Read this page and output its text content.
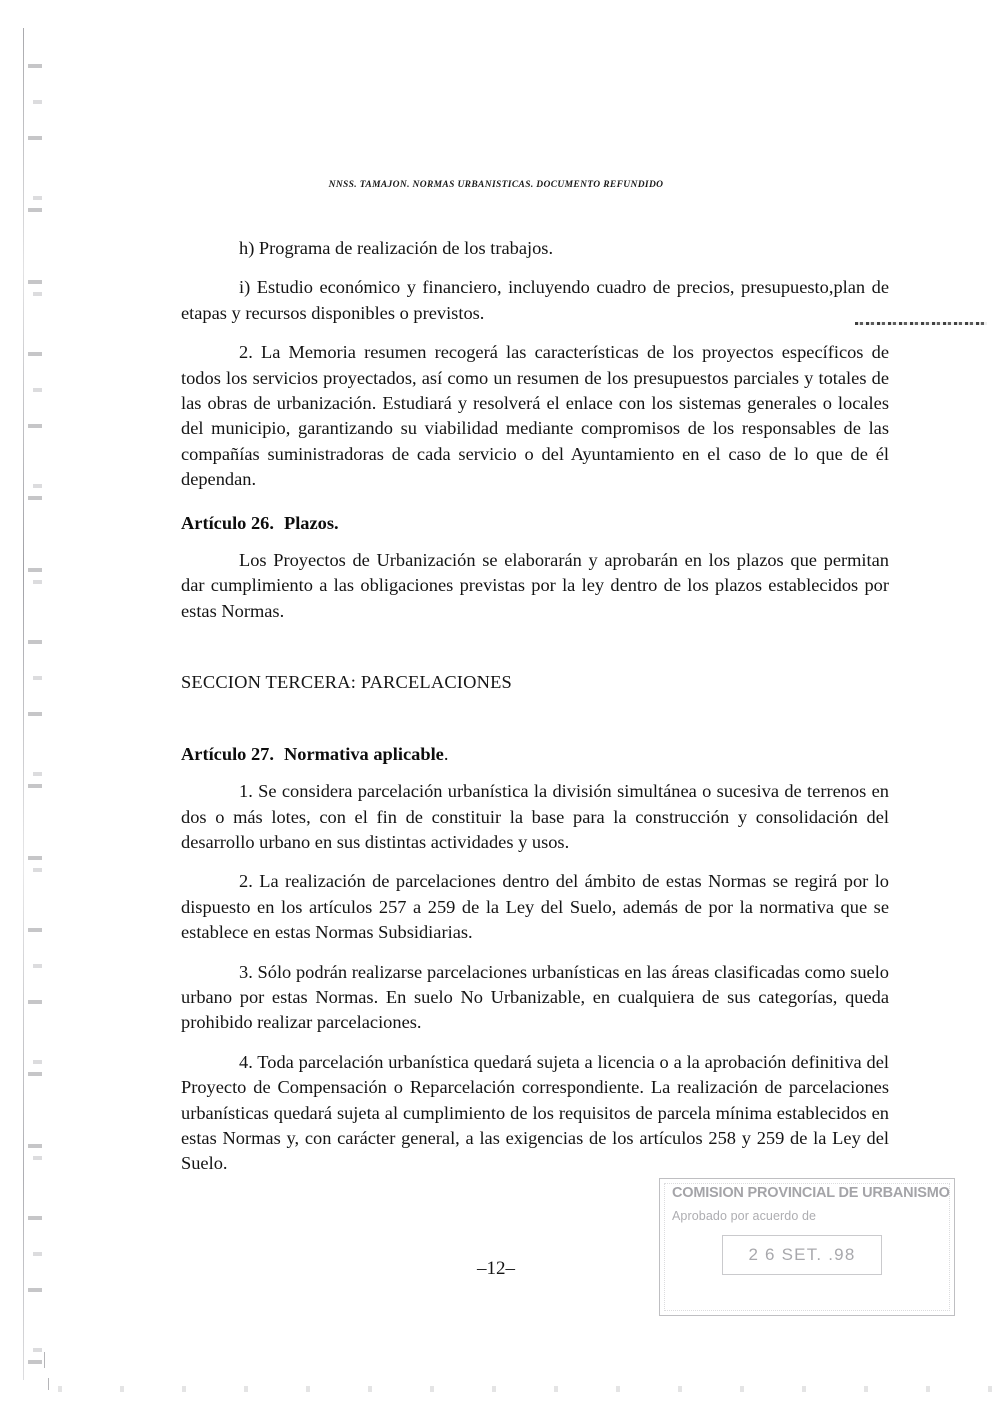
NNSS. TAMAJON. NORMAS URBANISTICAS. DOCUMENTO REFUNDIDO

h) Programa de realización de los trabajos.

i) Estudio económico y financiero, incluyendo cuadro de precios, presupuesto,plan de etapas y recursos disponibles o previstos.

2. La Memoria resumen recogerá las características de los proyectos específicos de todos los servicios proyectados, así como un resumen de los presupuestos parciales y totales de las obras de urbanización. Estudiará y resolverá el enlace con los sistemas generales o locales del municipio, garantizando su viabilidad mediante compromisos de los responsables de las compañías suministradoras de cada servicio o del Ayuntamiento en el caso de lo que de él dependan.

Artículo 26. Plazos.

Los Proyectos de Urbanización se elaborarán y aprobarán en los plazos que permitan dar cumplimiento a las obligaciones previstas por la ley dentro de los plazos establecidos por estas Normas.

SECCION TERCERA: PARCELACIONES
Artículo 27. Normativa aplicable.

1. Se considera parcelación urbanística la división simultánea o sucesiva de terrenos en dos o más lotes, con el fin de constituir la base para la construcción y consolidación del desarrollo urbano en sus distintas actividades y usos.

2. La realización de parcelaciones dentro del ámbito de estas Normas se regirá por lo dispuesto en los artículos 257 a 259 de la Ley del Suelo, además de por la normativa que se establece en estas Normas Subsidiarias.

3. Sólo podrán realizarse parcelaciones urbanísticas en las áreas clasificadas como suelo urbano por estas Normas. En suelo No Urbanizable, en cualquiera de sus categorías, queda prohibido realizar parcelaciones.

4. Toda parcelación urbanística quedará sujeta a licencia o a la aprobación definitiva del Proyecto de Compensación o Reparcelación correspondiente. La realización de parcelaciones urbanísticas quedará sujeta al cumplimiento de los requisitos de parcela mínima establecidos en estas Normas y, con carácter general, a las exigencias de los artículos 258 y 259 de la Ley del Suelo.

COMISION PROVINCIAL DE URBANISMO
Aprobado por acuerdo de
2 6 SET. .98
–12–
